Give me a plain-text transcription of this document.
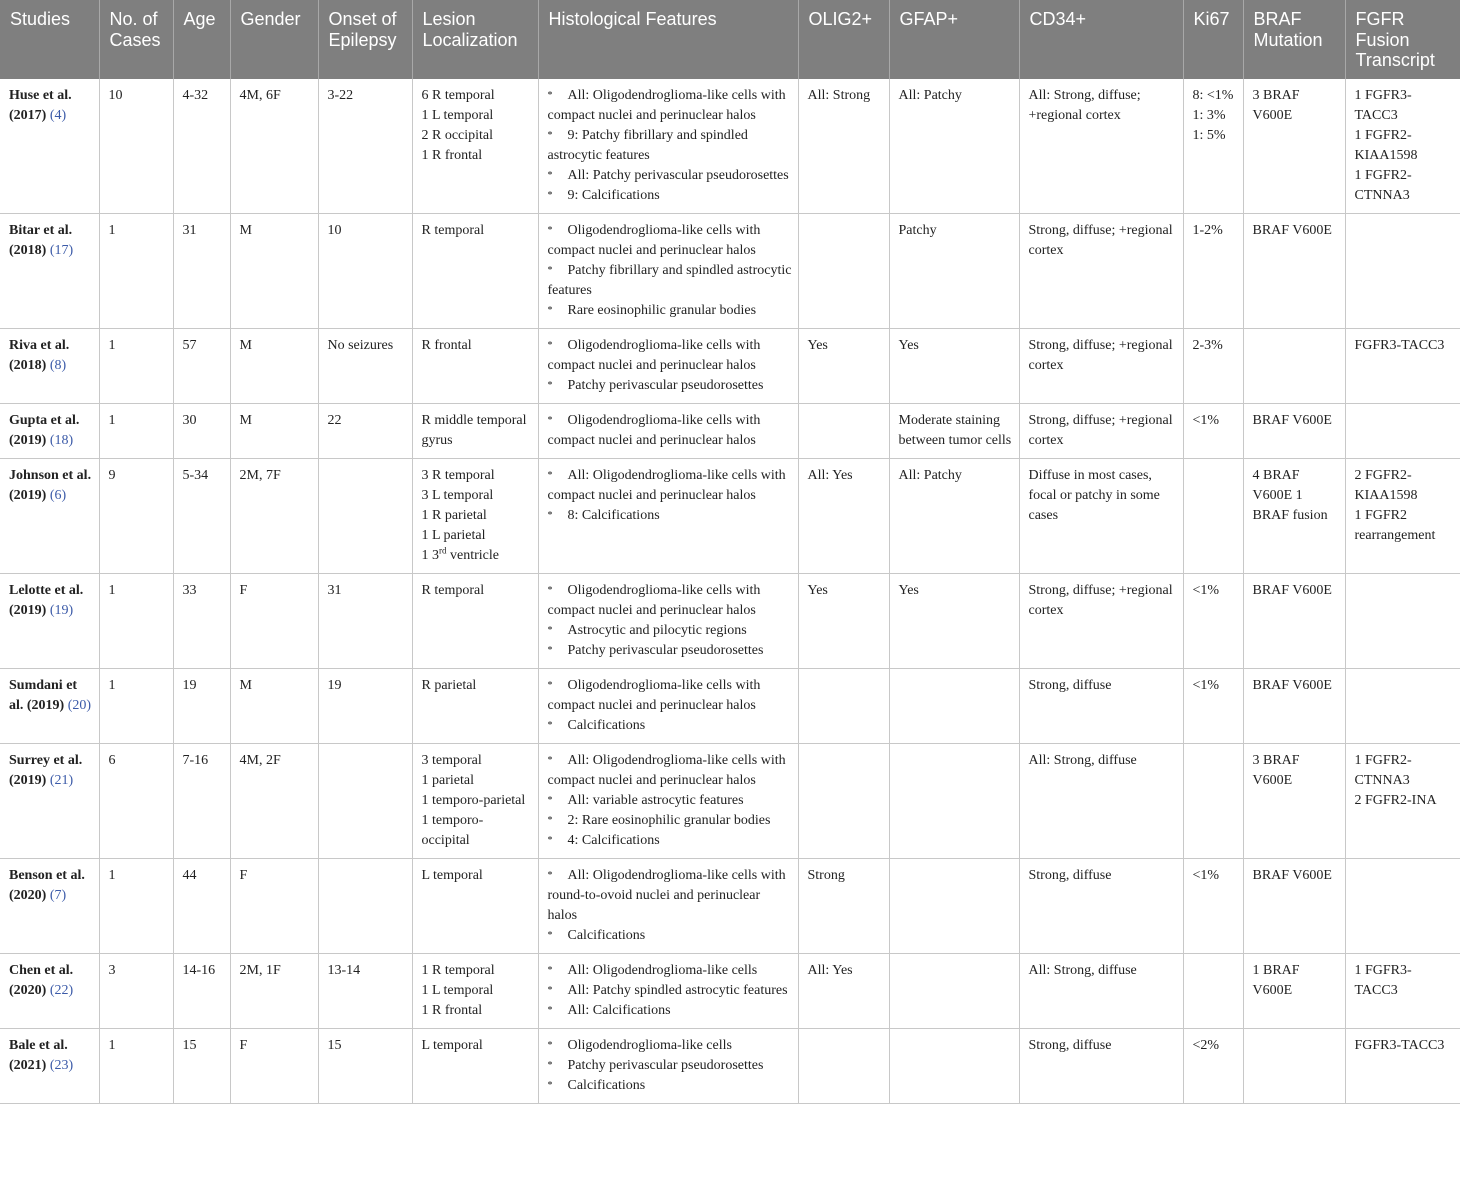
Studies	No. of Cases	Age	Gender	Onset of Epilepsy	Lesion Localization	Histological Features	OLIG2+	GFAP+	CD34+	Ki67	BRAF Mutation	FGFR Fusion Transcript
Huse et al. (2017) (4)	10	4-32	4M, 6F	3-22	6 R temporal
1 L temporal
2 R occipital
1 R frontal	* All: Oligodendroglioma-like cells with compact nuclei and perinuclear halos
* 9: Patchy fibrillary and spindled astrocytic features
* All: Patchy perivascular pseudorosettes
* 9: Calcifications	All: Strong	All: Patchy	All: Strong, diffuse; +regional cortex	8: <1%
1: 3%
1: 5%	3 BRAF V600E	1 FGFR3-TACC3
1 FGFR2-KIAA1598
1 FGFR2-CTNNA3

Bitar et al. (2018) (17)	1	31	M	10	R temporal	* Oligodendroglioma-like cells with compact nuclei and perinuclear halos
* Patchy fibrillary and spindled astrocytic features
* Rare eosinophilic granular bodies		Patchy	Strong, diffuse; +regional cortex	1-2%	BRAF V600E	
Riva et al. (2018) (8)	1	57	M	No seizures	R frontal	* Oligodendroglioma-like cells with compact nuclei and perinuclear halos
* Patchy perivascular pseudorosettes	Yes	Yes	Strong, diffuse; +regional cortex	2-3%		FGFR3-TACC3

Gupta et al. (2019) (18)	1	30	M	22	R middle temporal gyrus	* Oligodendroglioma-like cells with compact nuclei and perinuclear halos		Moderate staining between tumor cells	Strong, diffuse; +regional cortex	<1%	BRAF V600E	
Johnson et al. (2019) (6)	9	5-34	2M, 7F		3 R temporal
3 L temporal
1 R parietal
1 L parietal
1 3rd ventricle	* All: Oligodendroglioma-like cells with compact nuclei and perinuclear halos
* 8: Calcifications	All: Yes	All: Patchy	Diffuse in most cases, focal or patchy in some cases		4 BRAF V600E 1 BRAF fusion	2 FGFR2-KIAA1598
1 FGFR2 rearrangement

Lelotte et al. (2019) (19)	1	33	F	31	R temporal	* Oligodendroglioma-like cells with compact nuclei and perinuclear halos
* Astrocytic and pilocytic regions
* Patchy perivascular pseudorosettes	Yes	Yes	Strong, diffuse; +regional cortex	<1%	BRAF V600E	
Sumdani et al. (2019) (20)	1	19	M	19	R parietal	* Oligodendroglioma-like cells with compact nuclei and perinuclear halos
* Calcifications			Strong, diffuse	<1%	BRAF V600E	
Surrey et al. (2019) (21)	6	7-16	4M, 2F		3 temporal
1 parietal
1 temporo-parietal
1 temporo-occipital	* All: Oligodendroglioma-like cells with compact nuclei and perinuclear halos
* All: variable astrocytic features
* 2: Rare eosinophilic granular bodies
* 4: Calcifications			All: Strong, diffuse		3 BRAF V600E	1 FGFR2-CTNNA3
2 FGFR2-INA

Benson et al. (2020) (7)	1	44	F		L temporal	* All: Oligodendroglioma-like cells with round-to-ovoid nuclei and perinuclear halos
* Calcifications	Strong		Strong, diffuse	<1%	BRAF V600E	
Chen et al. (2020) (22)	3	14-16	2M, 1F	13-14	1 R temporal
1 L temporal
1 R frontal	* All: Oligodendroglioma-like cells
* All: Patchy spindled astrocytic features
* All: Calcifications	All: Yes		All: Strong, diffuse		1 BRAF V600E	1 FGFR3-TACC3

Bale et al. (2021) (23)	1	15	F	15	L temporal	* Oligodendroglioma-like cells
* Patchy perivascular pseudorosettes
* Calcifications			Strong, diffuse	<2%		FGFR3-TACC3
